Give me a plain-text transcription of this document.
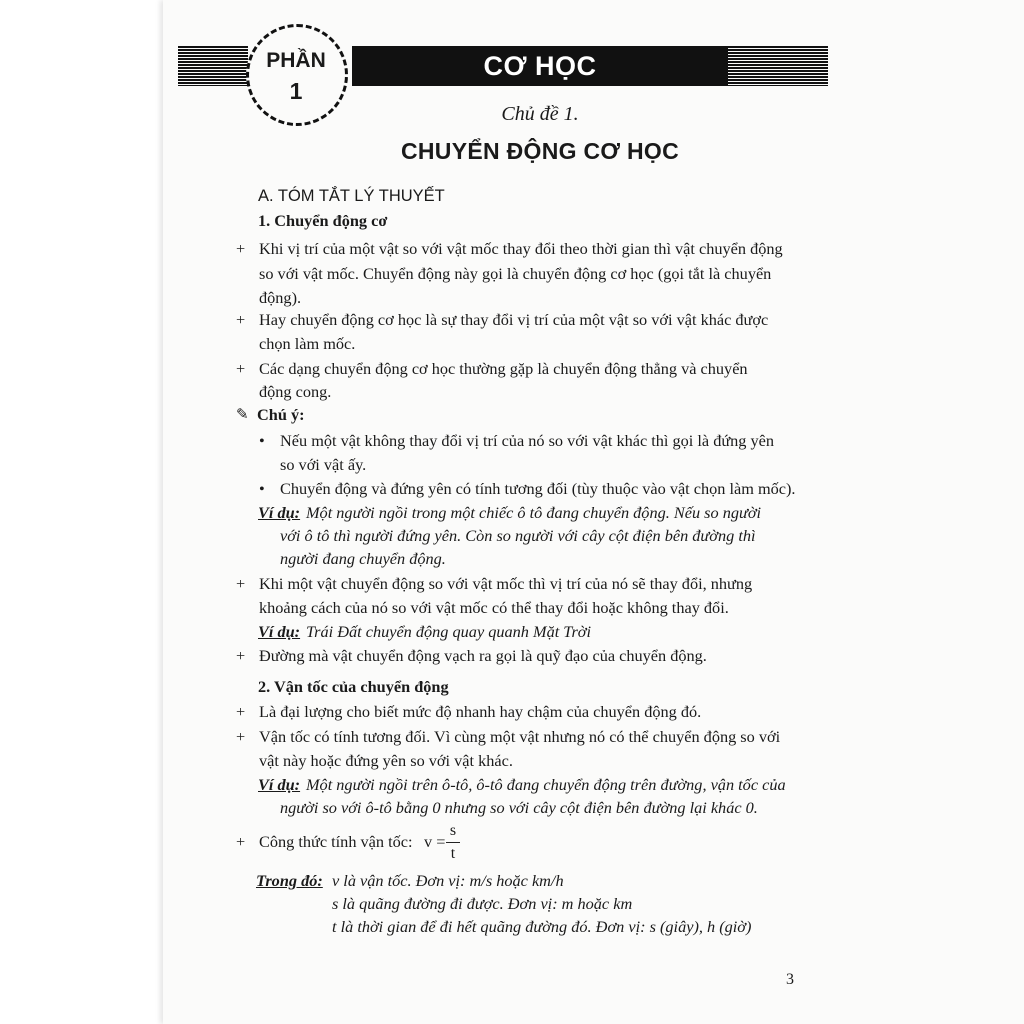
CƠ HỌC
PHẦN
1
Chủ đề 1.
CHUYỂN ĐỘNG CƠ HỌC
A. TÓM TẮT LÝ THUYẾT
1. Chuyển động cơ
+ Khi vị trí của một vật so với vật mốc thay đổi theo thời gian thì vật chuyển động
so với vật mốc. Chuyển động này gọi là chuyển động cơ học (gọi tắt là chuyển
động).
+ Hay chuyển động cơ học là sự thay đổi vị trí của một vật so với vật khác được
chọn làm mốc.
+ Các dạng chuyển động cơ học thường gặp là chuyển động thẳng và chuyển
động cong.
✎ Chú ý:
• Nếu một vật không thay đổi vị trí của nó so với vật khác thì gọi là đứng yên
so với vật ấy.
• Chuyển động và đứng yên có tính tương đối (tùy thuộc vào vật chọn làm mốc).
Ví dụ: Một người ngồi trong một chiếc ô tô đang chuyển động. Nếu so người
với ô tô thì người đứng yên. Còn so người với cây cột điện bên đường thì
người đang chuyển động.
+ Khi một vật chuyển động so với vật mốc thì vị trí của nó sẽ thay đổi, nhưng
khoảng cách của nó so với vật mốc có thể thay đổi hoặc không thay đổi.
Ví dụ: Trái Đất chuyển động quay quanh Mặt Trời
+ Đường mà vật chuyển động vạch ra gọi là quỹ đạo của chuyển động.
2. Vận tốc của chuyển động
+ Là đại lượng cho biết mức độ nhanh hay chậm của chuyển động đó.
+ Vận tốc có tính tương đối. Vì cùng một vật nhưng nó có thể chuyển động so với
vật này hoặc đứng yên so với vật khác.
Ví dụ: Một người ngồi trên ô-tô, ô-tô đang chuyển động trên đường, vận tốc của
người so với ô-tô bằng 0 nhưng so với cây cột điện bên đường lại khác 0.
+ Công thức tính vận tốc: v =
s
t
Trong đó: v là vận tốc. Đơn vị: m/s hoặc km/h
s là quãng đường đi được. Đơn vị: m hoặc km
t là thời gian để đi hết quãng đường đó. Đơn vị: s (giây), h (giờ)
3
